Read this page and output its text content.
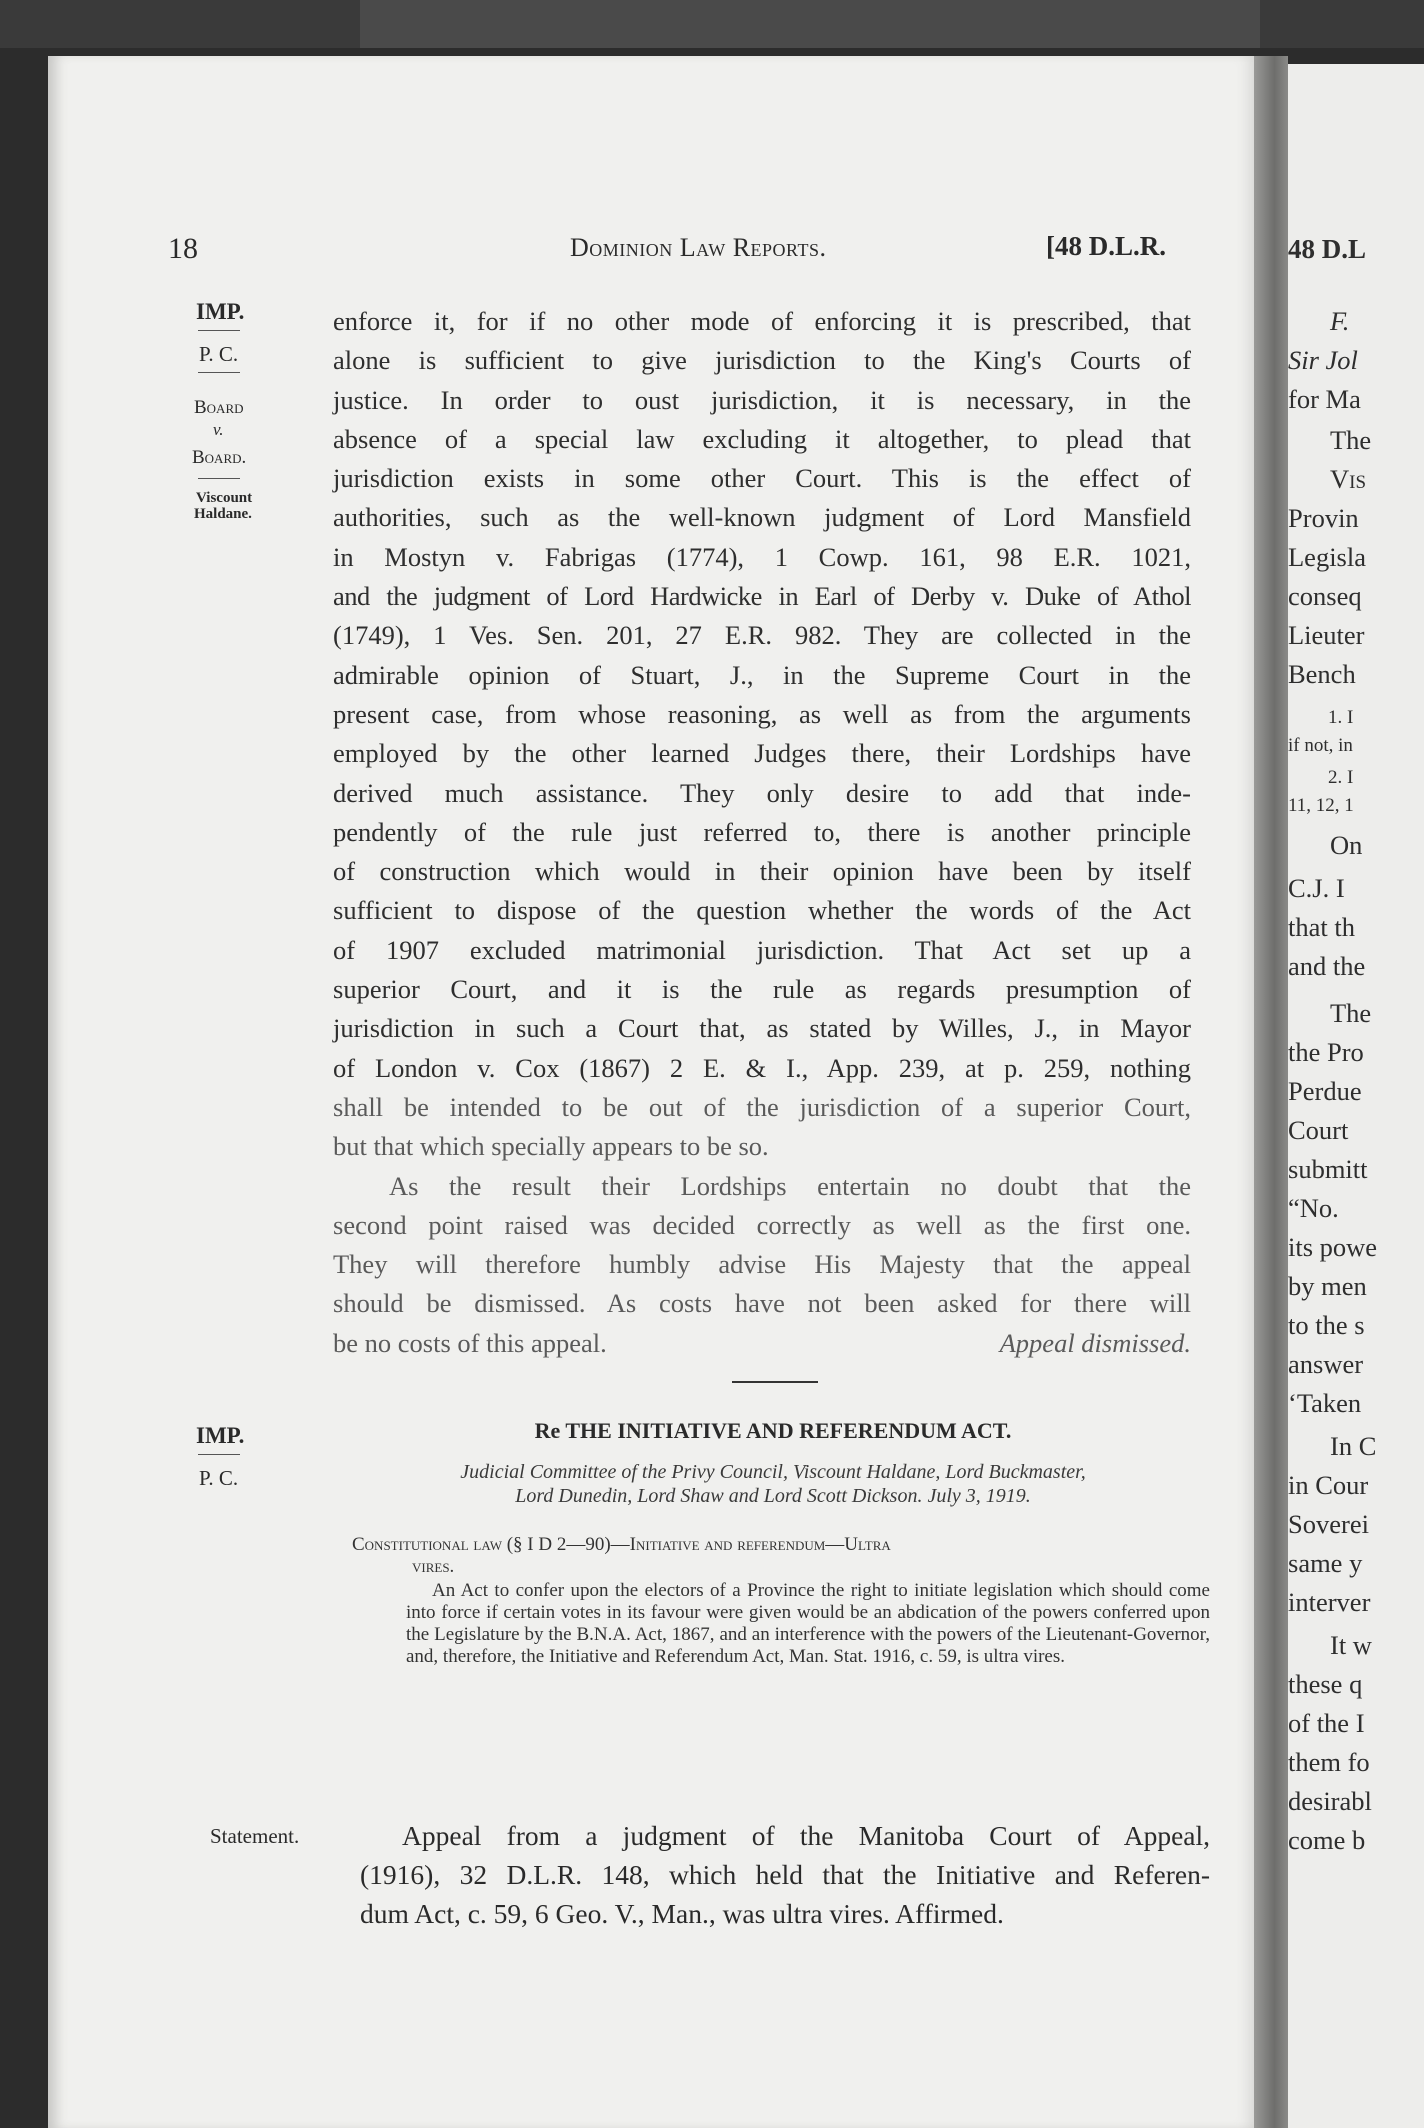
18	Dominion Law Reports.	[48 D.L.R.
IMP.
P. C.
Board
v.
Board.
Viscount
Haldane.

enforce it, for if no other mode of enforcing it is prescribed, that

alone is sufficient to give jurisdiction to the King's Courts of

justice. In order to oust jurisdiction, it is necessary, in the

absence of a special law excluding it altogether, to plead that

jurisdiction exists in some other Court. This is the effect of

authorities, such as the well-known judgment of Lord Mansfield

in Mostyn v. Fabrigas (1774), 1 Cowp. 161, 98 E.R. 1021,

and the judgment of Lord Hardwicke in Earl of Derby v. Duke of Athol

(1749), 1 Ves. Sen. 201, 27 E.R. 982. They are collected in the

admirable opinion of Stuart, J., in the Supreme Court in the

present case, from whose reasoning, as well as from the arguments

employed by the other learned Judges there, their Lordships have

derived much assistance. They only desire to add that inde-

pendently of the rule just referred to, there is another principle

of construction which would in their opinion have been by itself

sufficient to dispose of the question whether the words of the Act

of 1907 excluded matrimonial jurisdiction. That Act set up a

superior Court, and it is the rule as regards presumption of

jurisdiction in such a Court that, as stated by Willes, J., in Mayor

of London v. Cox (1867) 2 E. & I., App. 239, at p. 259, nothing

shall be intended to be out of the jurisdiction of a superior Court,

but that which specially appears to be so.

As the result their Lordships entertain no doubt that the

second point raised was decided correctly as well as the first one.

They will therefore humbly advise His Majesty that the appeal

should be dismissed. As costs have not been asked for there will

be no costs of this appeal.	Appeal dismissed.

IMP.
P. C.
Re THE INITIATIVE AND REFERENDUM ACT.
Judicial Committee of the Privy Council, Viscount Haldane, Lord Buckmaster,
Lord Dunedin, Lord Shaw and Lord Scott Dickson. July 3, 1919.
Constitutional law (§ I D 2—90)—Initiative and referendum—Ultra
vires.
An Act to confer upon the electors of a Province the right to initiate legislation which should come into force if certain votes in its favour were given would be an abdication of the powers conferred upon the Legislature by the B.N.A. Act, 1867, and an interference with the powers of the Lieutenant-Governor, and, therefore, the Initiative and Referendum Act, Man. Stat. 1916, c. 59, is ultra vires.
Statement.	Appeal from a judgment of the Manitoba Court of Appeal,

(1916), 32 D.L.R. 148, which held that the Initiative and Referen-

dum Act, c. 59, 6 Geo. V., Man., was ultra vires. Affirmed.

48 D.L
F.
Sir Jol
for Ma
The
Vis
Provin
Legisla
conseq
Lieuter
Bench
1. I
if not, in
2. I
11, 12, 1
On
C.J. I
that th
and the
The
the Pro
Perdue
Court
submitt
“No.
its powe
by men
to the s
answer
‘Taken
In C
in Cour
Soverei
same y
interver
It w
these q
of the I
them fo
desirabl
come b
